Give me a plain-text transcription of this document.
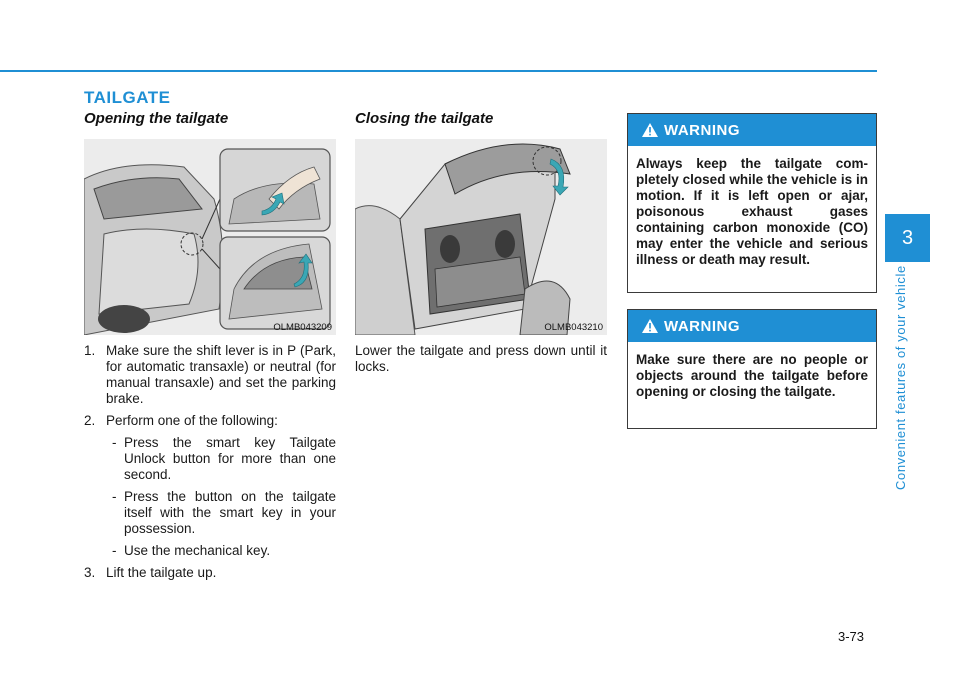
TAILGATE
Opening the tailgate
OLMB043209
1. Make sure the shift lever is in P (Park, for automatic transaxle) or neutral (for manual transaxle) and set the parking brake.
2. Perform one of the following:
- Press the smart key Tailgate Unlock button for more than one second.
- Press the button on the tailgate itself with the smart key in your possession.
- Use the mechanical key.
3. Lift the tailgate up.
Closing the tailgate
OLMB043210

Lower the tailgate and press down until it locks.

WARNING
Always keep the tailgate com-pletely closed while the vehicle is in motion. If it is left open or ajar, poisonous exhaust gases containing carbon monoxide (CO) may enter the vehicle and serious illness or death may result.
WARNING
Make sure there are no people or objects around the tailgate before opening or closing the tailgate.
3
Convenient features of your vehicle
3-73
